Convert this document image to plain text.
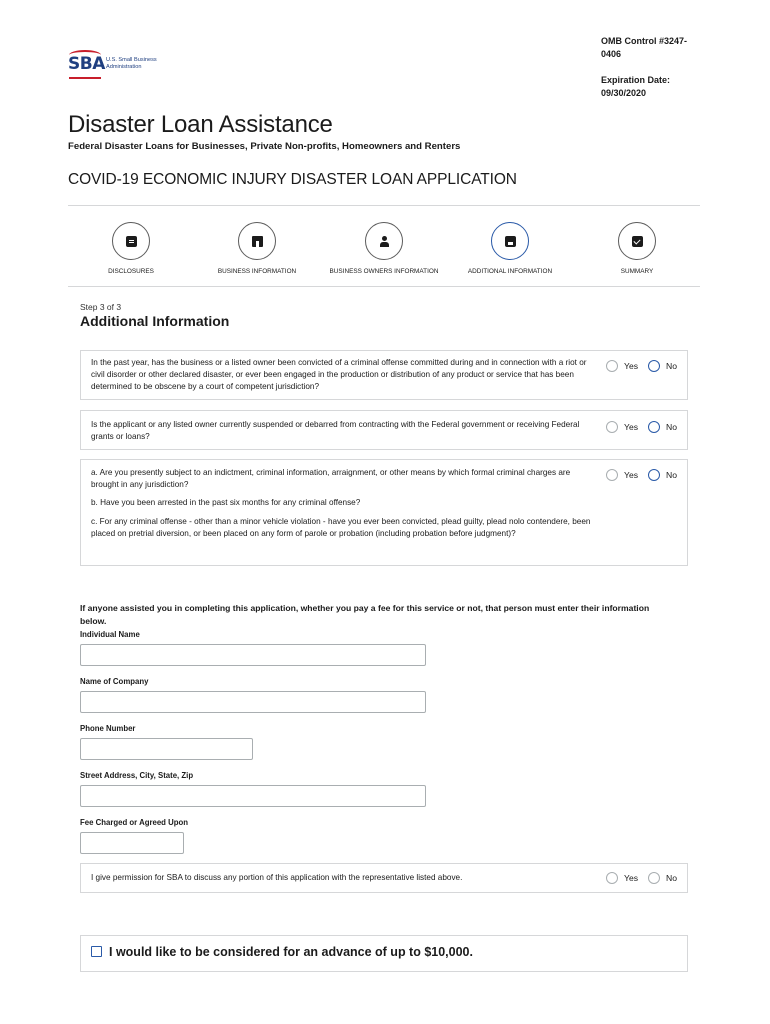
SBA U.S. Small Business
Administration
OMB Control #3247-
0406
Expiration Date:
09/30/2020
Disaster Loan Assistance
Federal Disaster Loans for Businesses, Private Non-profits, Homeowners and Renters
COVID-19 ECONOMIC INJURY DISASTER LOAN APPLICATION
DISCLOSURES	BUSINESS INFORMATION	BUSINESS OWNERS INFORMATION	ADDITIONAL INFORMATION	SUMMARY
Step 3 of 3
Additional Information
In the past year, has the business or a listed owner been convicted of a criminal offense committed during and in connection with a riot or civil disorder or other declared disaster, or ever been engaged in the production or distribution of any product or service that has been determined to be obscene by a court of competent jurisdiction?
Yes	No
Is the applicant or any listed owner currently suspended or debarred from contracting with the Federal government or receiving Federal grants or loans?
Yes	No

a. Are you presently subject to an indictment, criminal information, arraignment, or other means by which formal criminal charges are brought in any jurisdiction?

b. Have you been arrested in the past six months for any criminal offense?

c. For any criminal offense - other than a minor vehicle violation - have you ever been convicted, plead guilty, plead nolo contendere, been placed on pretrial diversion, or been placed on any form of parole or probation (including probation before judgment)?

Yes	No
If anyone assisted you in completing this application, whether you pay a fee for this service or not, that person must enter their information below.
Individual Name
Name of Company
Phone Number
Street Address, City, State, Zip
Fee Charged or Agreed Upon
I give permission for SBA to discuss any portion of this application with the representative listed above.	Yes	No
I would like to be considered for an advance of up to $10,000.
